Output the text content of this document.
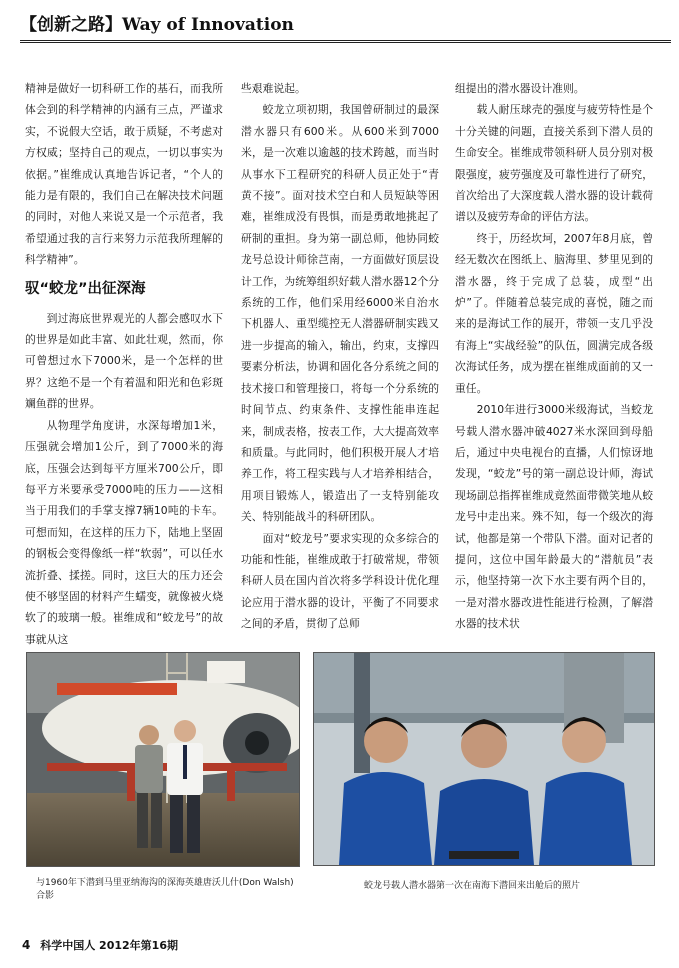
【创新之路】Way of Innovation

精神是做好一切科研工作的基石，而我所体会到的科学精神的内涵有三点，严谨求实，不说假大空话，敢于质疑，不考虑对方权威；坚持自己的观点，一切以事实为依据。”崔维成认真地告诉记者，“个人的能力是有限的，我们自己在解决技术问题的同时，对他人来说又是一个示范者，我希望通过我的言行来努力示范我所理解的科学精神”。

驭“蛟龙”出征深海

到过海底世界观光的人都会感叹水下的世界是如此丰富、如此壮观，然而，你可曾想过水下7000米，是一个怎样的世界？这绝不是一个有着温和阳光和色彩斑斓鱼群的世界。

从物理学角度讲，水深每增加1米，压强就会增加1公斤，到了7000米的海底，压强会达到每平方厘米700公斤，即每平方米要承受7000吨的压力——这相当于用我们的手掌支撑7辆10吨的卡车。可想而知，在这样的压力下，陆地上坚固的钢板会变得像纸一样“软弱”，可以任水流折叠、揉搓。同时，这巨大的压力还会使不够坚固的材料产生蠕变，就像被火烧软了的玻璃一般。崔维成和“蛟龙号”的故事就从这

些艰难说起。

蛟龙立项初期，我国曾研制过的最深潜水器只有600米。从600米到7000米，是一次难以逾越的技术跨越，而当时从事水下工程研究的科研人员正处于“青黄不接”。面对技术空白和人员短缺等困难，崔维成没有畏惧，而是勇敢地挑起了研制的重担。身为第一副总师，他协同蛟龙号总设计师徐芑南，一方面做好顶层设计工作，为统筹组织好载人潜水器12个分系统的工作，他们采用经6000米自治水下机器人、重型缆控无人潜器研制实践又进一步提高的输入，输出，约束，支撑四要素分析法，协调和固化各分系统之间的技术接口和管理接口，将每一个分系统的时间节点、约束条件、支撑性能串连起来，制成表格，按表工作，大大提高效率和质量。与此同时，他们积极开展人才培养工作，将工程实践与人才培养相结合，用项目锻炼人，锻造出了一支特别能攻关、特别能战斗的科研团队。

面对“蛟龙号”要求实现的众多综合的功能和性能，崔维成敢于打破常规，带领科研人员在国内首次将多学科设计优化理论应用于潜水器的设计，平衡了不同要求之间的矛盾，贯彻了总师

组提出的潜水器设计准则。

载人耐压球壳的强度与疲劳特性是个十分关键的问题，直接关系到下潜人员的生命安全。崔维成带领科研人员分别对极限强度，疲劳强度及可靠性进行了研究，首次给出了大深度载人潜水器的设计载荷谱以及疲劳寿命的评估方法。

终于，历经坎坷，2007年8月底，曾经无数次在图纸上、脑海里、梦里见到的潜水器，终于完成了总装，成型“出炉”了。伴随着总装完成的喜悦，随之而来的是海试工作的展开，带领一支几乎没有海上“实战经验”的队伍，圆满完成各级次海试任务，成为摆在崔维成面前的又一重任。

2010年进行3000米级海试，当蛟龙号载人潜水器冲破4027米水深回到母船后，通过中央电视台的直播，人们惊讶地发现，“蛟龙”号的第一副总设计师，海试现场副总指挥崔维成竟然面带微笑地从蛟龙号中走出来。殊不知，每一个级次的海试，他都是第一个带队下潜。面对记者的提问，这位中国年龄最大的“潜航员”表示，他坚持第一次下水主要有两个目的，一是对潜水器改进性能进行检测，了解潜水器的技术状

与1960年下潜到马里亚纳海沟的深海英雄唐沃儿什(Don Walsh)合影
蛟龙号载人潜水器第一次在南海下潜回来出舱后的照片
4 科学中国人 2012年第16期
